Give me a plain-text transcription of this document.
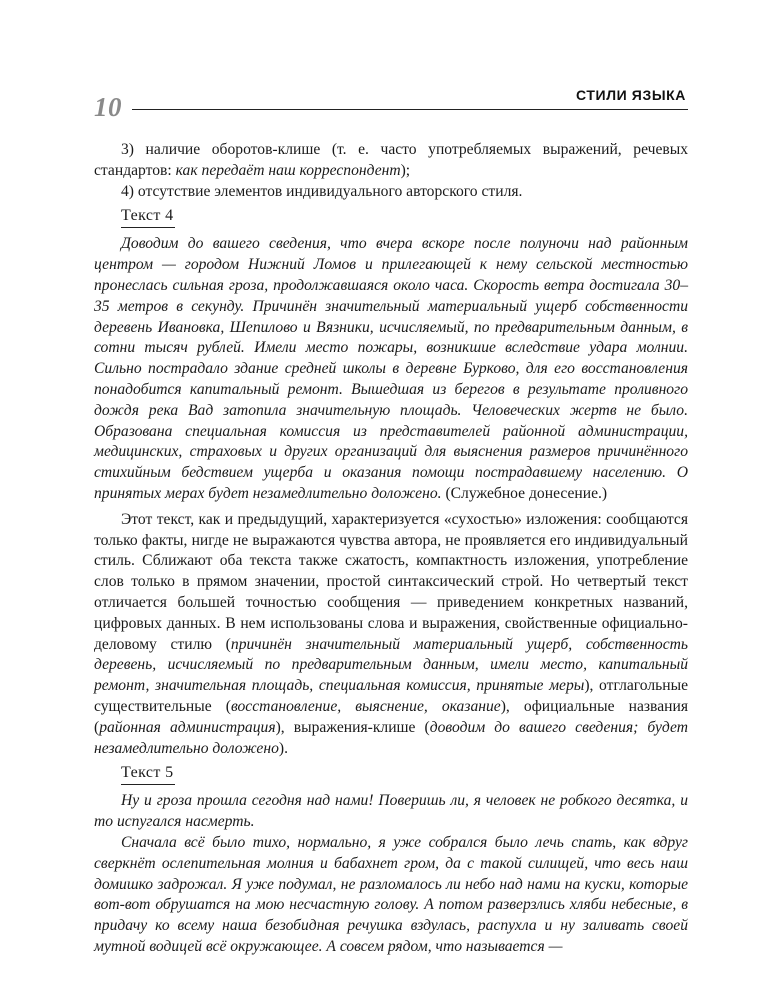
10	СТИЛИ ЯЗЫКА

3) наличие оборотов-клише (т. е. часто употребляемых выражений, речевых стандартов: как передаёт наш корреспондент);

4) отсутствие элементов индивидуального авторского стиля.

Текст 4

Доводим до вашего сведения, что вчера вскоре после полуночи над районным центром — городом Нижний Ломов и прилегающей к нему сельской местностью пронеслась сильная гроза, продолжавшаяся около часа. Скорость ветра достигала 30–35 метров в секунду. Причинён значительный материальный ущерб собственности деревень Ивановка, Шепилово и Вязники, исчисляемый, по предварительным данным, в сотни тысяч рублей. Имели место пожары, возникшие вследствие удара молнии. Сильно пострадало здание средней школы в деревне Бурково, для его восстановления понадобится капитальный ремонт. Вышедшая из берегов в результате проливного дождя река Вад затопила значительную площадь. Человеческих жертв не было. Образована специальная комиссия из представителей районной администрации, медицинских, страховых и других организаций для выяснения размеров причинённого стихийным бедствием ущерба и оказания помощи пострадавшему населению. О принятых мерах будет незамедлительно доложено. (Служебное донесение.)

Этот текст, как и предыдущий, характеризуется «сухостью» изложения: сообщаются только факты, нигде не выражаются чувства автора, не проявляется его индивидуальный стиль. Сближают оба текста также сжатость, компактность изложения, употребление слов только в прямом значении, простой синтаксический строй. Но четвертый текст отличается большей точностью сообщения — приведением конкретных названий, цифровых данных. В нем использованы слова и выражения, свойственные официально-деловому стилю (причинён значительный материальный ущерб, собственность деревень, исчисляемый по предварительным данным, имели место, капитальный ремонт, значительная площадь, специальная комиссия, принятые меры), отглагольные существительные (восстановление, выяснение, оказание), официальные названия (районная администрация), выражения-клише (доводим до вашего сведения; будет незамедлительно доложено).

Текст 5

Ну и гроза прошла сегодня над нами! Поверишь ли, я человек не робкого десятка, и то испугался насмерть.

Сначала всё было тихо, нормально, я уже собрался было лечь спать, как вдруг сверкнёт ослепительная молния и бабахнет гром, да с такой силищей, что весь наш домишко задрожал. Я уже подумал, не разломалось ли небо над нами на куски, которые вот-вот обрушатся на мою несчастную голову. А потом разверзлись хляби небесные, в придачу ко всему наша безобидная речушка вздулась, распухла и ну заливать своей мутной водицей всё окружающее. А совсем рядом, что называется —
